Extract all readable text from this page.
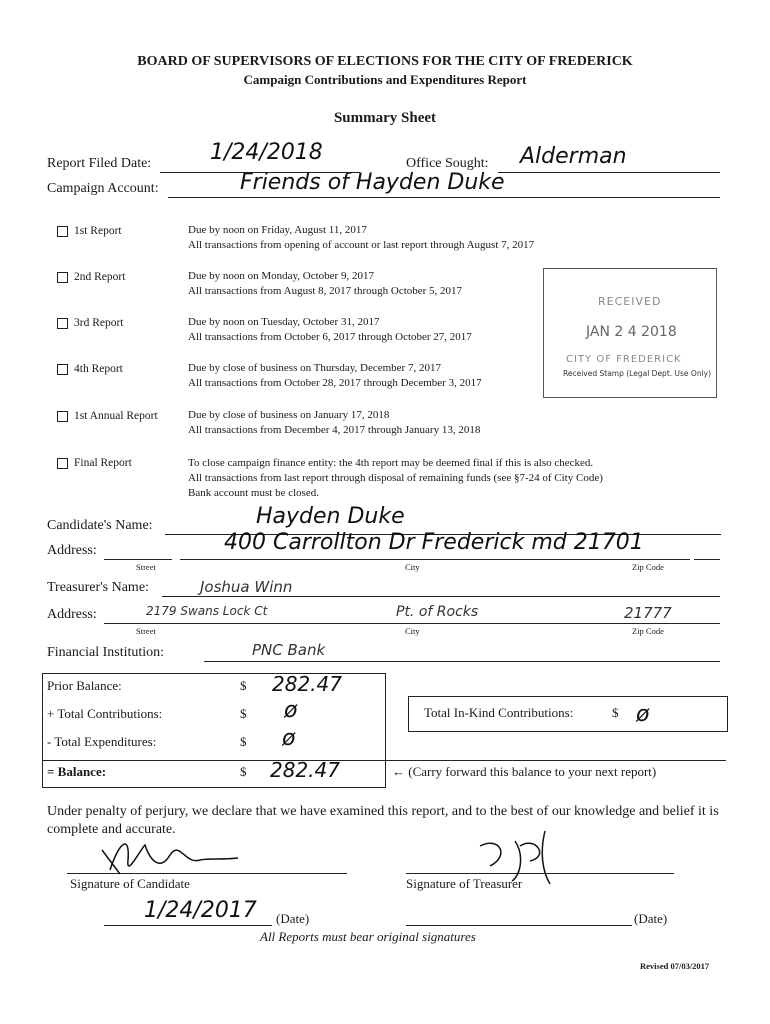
BOARD OF SUPERVISORS OF ELECTIONS FOR THE CITY OF FREDERICK
Campaign Contributions and Expenditures Report
Summary Sheet
Report Filed Date:	1/24/2018	Office Sought: Alderman
Campaign Account:	Friends of Hayden Duke
1st Report	Due by noon on Friday, August 11, 2017
All transactions from opening of account or last report through August 7, 2017
2nd Report	Due by noon on Monday, October 9, 2017
All transactions from August 8, 2017 through October 5, 2017
3rd Report	Due by noon on Tuesday, October 31, 2017
All transactions from October 6, 2017 through October 27, 2017
4th Report	Due by close of business on Thursday, December 7, 2017
All transactions from October 28, 2017 through December 3, 2017
1st Annual Report	Due by close of business on January 17, 2018
All transactions from December 4, 2017 through January 13, 2018
Final Report	To close campaign finance entity: the 4th report may be deemed final if this is also checked.
All transactions from last report through disposal of remaining funds (see §7-24 of City Code)
Bank account must be closed.
RECEIVED
JAN 2 4 2018
CITY OF FREDERICK
Received Stamp (Legal Dept. Use Only)
Candidate's Name:	Hayden Duke
Address:	400 Carrollton Dr Frederick md 21701
Street	City	Zip Code
Treasurer's Name:	Joshua Winn
Address:	2179 Swans Lock Ct	Pt. of Rocks	21777
Street	City	Zip Code
Financial Institution:	PNC Bank
Prior Balance:	$ 282.47
+ Total Contributions:	$ ø
- Total Expenditures:	$ ø
= Balance:	$ 282.47
Total In-Kind Contributions:	$ ø
← (Carry forward this balance to your next report)
Under penalty of perjury, we declare that we have examined this report, and to the best of our knowledge and belief it is complete and accurate.
Signature of Candidate	Signature of Treasurer
1/24/2017 (Date)	(Date)
All Reports must bear original signatures
Revised 07/03/2017
